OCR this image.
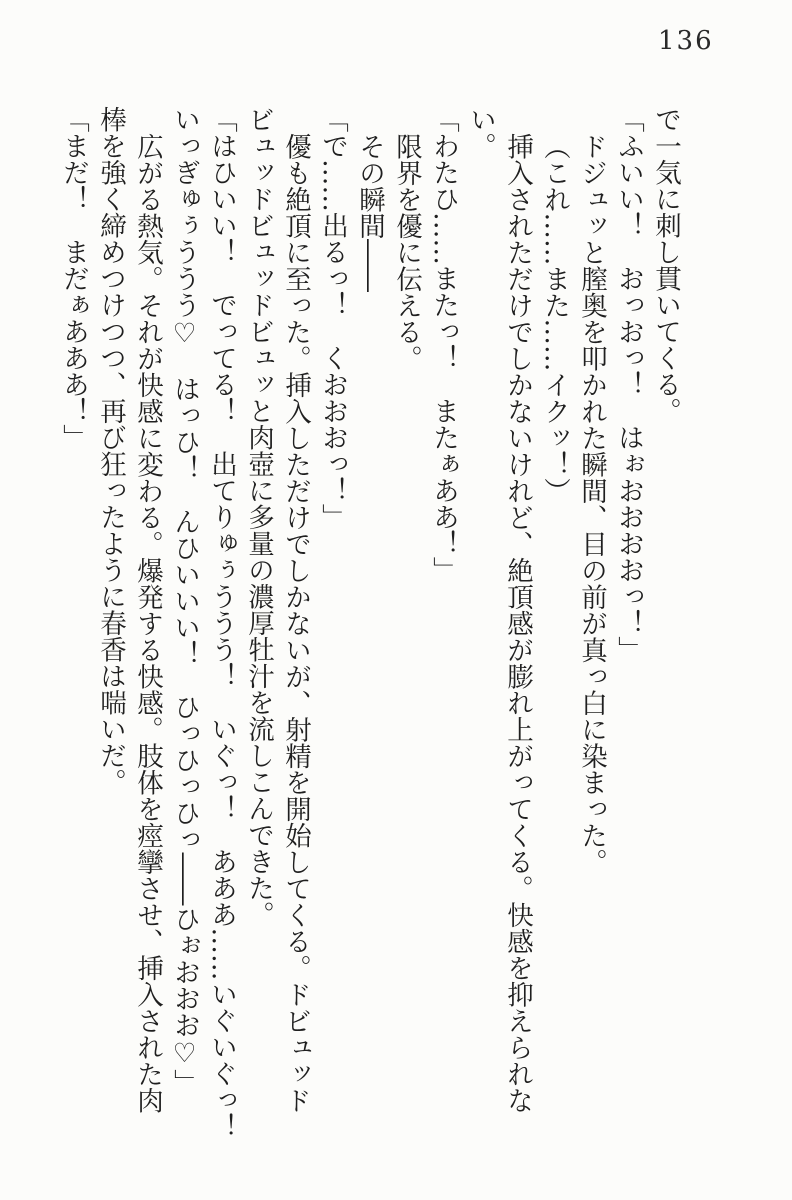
136

で一気に刺し貫いてくる。

「ふいい！　おっおっ！　はぉおおおおっ！」

ドジュッと膣奥を叩かれた瞬間、目の前が真っ白に染まった。

（これ……また……イクッ！）

挿入されただけでしかないけれど、絶頂感が膨れ上がってくる。快感を抑えられな

い。

「わたひ……またっ！　またぁああ！」

限界を優に伝える。

その瞬間――

「で……出るっ！　くおおおっ！」

優も絶頂に至った。挿入しただけでしかないが、射精を開始してくる。ドビュッド

ビュッドビュッドビュッと肉壺に多量の濃厚牡汁を流しこんできた。

「はひいい！　でってる！　出てりゅぅううう！　いぐっ！　あああ……いぐいぐっ！

いっぎゅぅううう♡　はっひ！　んひいいい！　ひっひっひっ――ひぉおおお♡」

広がる熱気。それが快感に変わる。爆発する快感。肢体を痙攣させ、挿入された肉

棒を強く締めつけつつ、再び狂ったように春香は喘いだ。

「まだ！　まだぁあああ！」
